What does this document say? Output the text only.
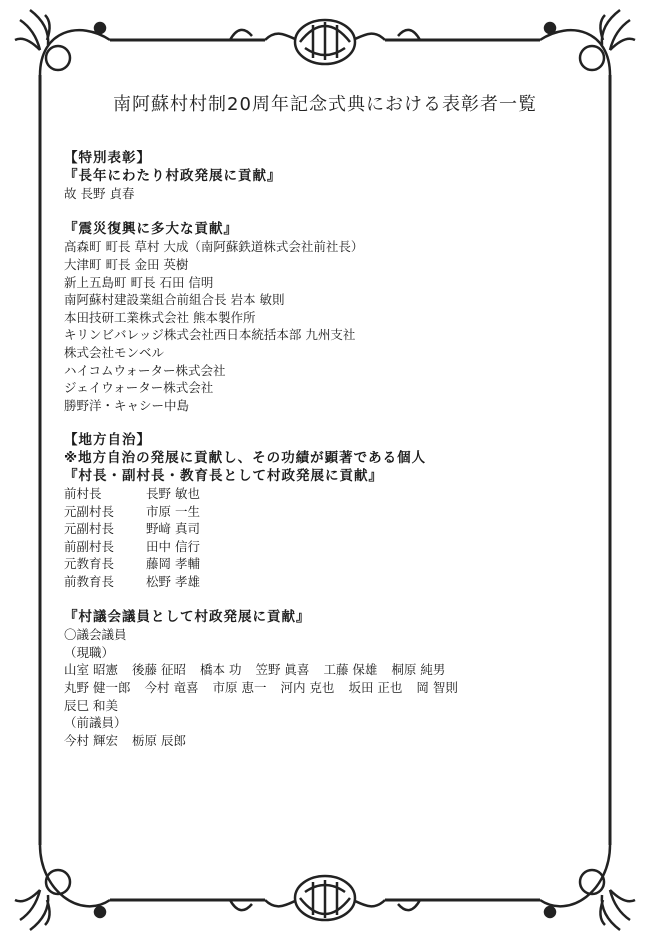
南阿蘇村村制20周年記念式典における表彰者一覧
【特別表彰】
『長年にわたり村政発展に貢献』
故 長野 貞春
『震災復興に多大な貢献』
高森町 町長 草村 大成（南阿蘇鉄道株式会社前社長）
大津町 町長 金田 英樹
新上五島町 町長 石田 信明
南阿蘇村建設業組合前組合長 岩本 敏則
本田技研工業株式会社 熊本製作所
キリンビバレッジ株式会社西日本統括本部 九州支社
株式会社モンベル
ハイコムウォーター株式会社
ジェイウォーター株式会社
勝野洋・キャシー中島
【地方自治】
※地方自治の発展に貢献し、その功績が顕著である個人
『村長・副村長・教育長として村政発展に貢献』
前村長	長野 敏也
元副村長	市原 一生
元副村長	野﨑 真司
前副村長	田中 信行
元教育長	藤岡 孝輔
前教育長	松野 孝雄
『村議会議員として村政発展に貢献』
〇議会議員
（現職）
山室 昭憲 後藤 征昭 橋本 功 笠野 眞喜 工藤 保雄 桐原 純男
丸野 健一郎 今村 竜喜 市原 恵一 河内 克也 坂田 正也 岡 智則
辰巳 和美
（前議員）
今村 輝宏 栃原 辰郎
